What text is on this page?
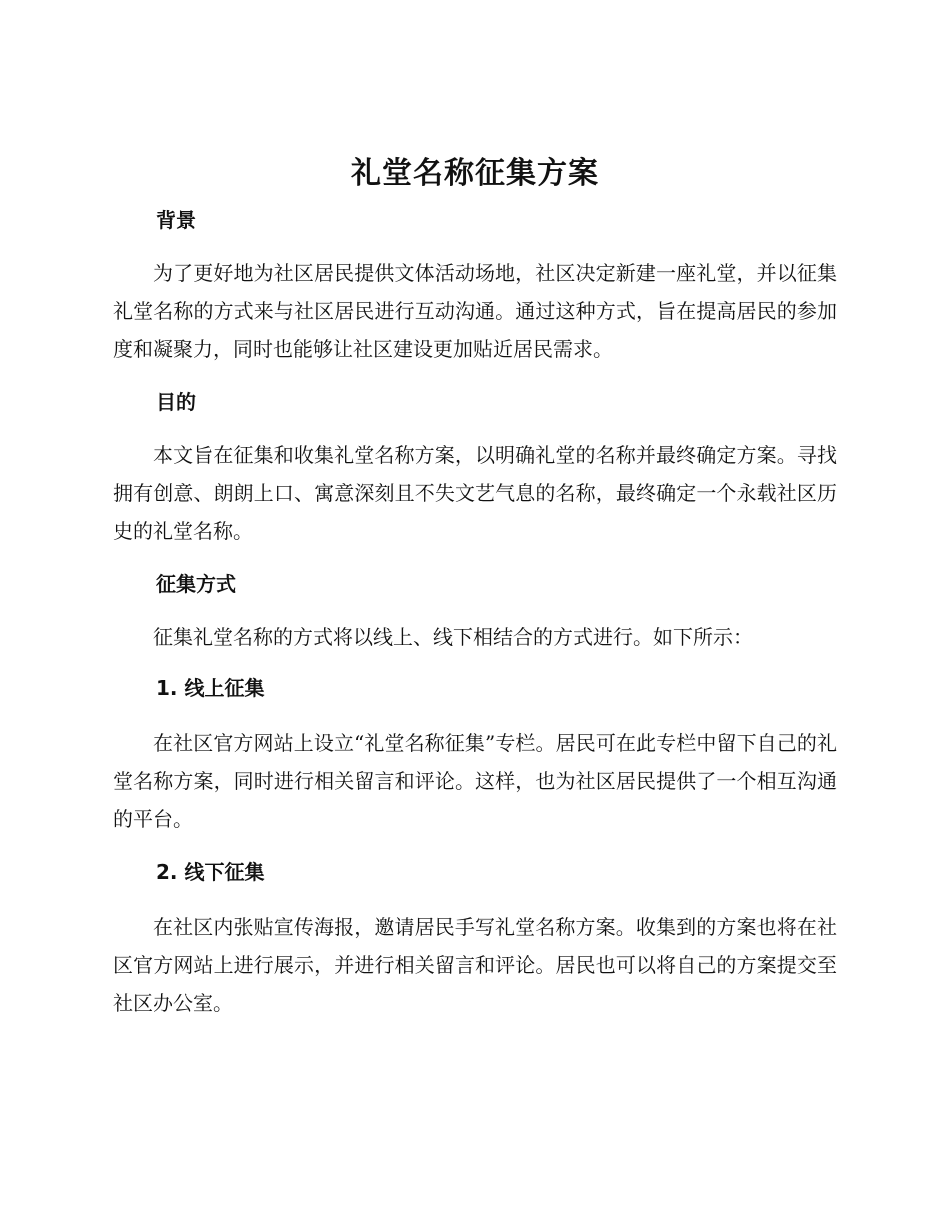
礼堂名称征集方案
背景

为了更好地为社区居民提供文体活动场地，社区决定新建一座礼堂，并以征集礼堂名称的方式来与社区居民进行互动沟通。通过这种方式，旨在提高居民的参加度和凝聚力，同时也能够让社区建设更加贴近居民需求。

目的

本文旨在征集和收集礼堂名称方案，以明确礼堂的名称并最终确定方案。寻找拥有创意、朗朗上口、寓意深刻且不失文艺气息的名称，最终确定一个永载社区历史的礼堂名称。

征集方式

征集礼堂名称的方式将以线上、线下相结合的方式进行。如下所示：

1. 线上征集

在社区官方网站上设立“礼堂名称征集”专栏。居民可在此专栏中留下自己的礼堂名称方案，同时进行相关留言和评论。这样，也为社区居民提供了一个相互沟通的平台。

2. 线下征集

在社区内张贴宣传海报，邀请居民手写礼堂名称方案。收集到的方案也将在社区官方网站上进行展示，并进行相关留言和评论。居民也可以将自己的方案提交至社区办公室。
